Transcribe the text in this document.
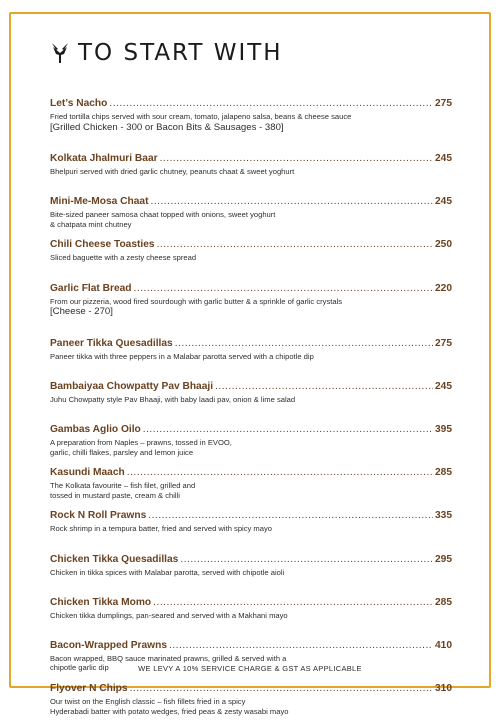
TO START WITH
Let’s Nacho .....	275
Fried tortilla chips served with sour cream, tomato, jalapeno salsa, beans & cheese sauce
[Grilled Chicken - 300 or Bacon Bits & Sausages - 380]
Kolkata Jhalmuri Baar .....	245
Bhelpuri served with dried garlic chutney, peanuts chaat & sweet yoghurt
Mini-Me-Mosa Chaat .....	245
Bite-sized paneer samosa chaat topped with onions, sweet yoghurt
& chatpata mint chutney
Chili Cheese Toasties .....	250
Sliced baguette with a zesty cheese spread
Garlic Flat Bread .....	220
From our pizzeria, wood fired sourdough with garlic butter & a sprinkle of garlic crystals
[Cheese - 270]
Paneer Tikka Quesadillas .....	275
Paneer tikka with three peppers in a Malabar parotta served with a chipotle dip
Bambaiyaa Chowpatty Pav Bhaaji .....	245
Juhu Chowpatty style Pav Bhaaji, with baby laadi pav, onion & lime salad
Gambas Aglio Oilo .....	395
A preparation from Naples – prawns, tossed in EVOO,
garlic, chilli flakes, parsley and lemon juice
Kasundi Maach .....	285
The Kolkata favourite – fish filet, grilled and
tossed in mustard paste, cream & chilli
Rock N Roll Prawns .....	335
Rock shrimp in a tempura batter, fried and served with spicy mayo
Chicken Tikka Quesadillas .....	295
Chicken in tikka spices with Malabar parotta, served with chipotle aioli
Chicken Tikka Momo .....	285
Chicken tikka dumplings, pan-seared and served with a Makhani mayo
Bacon-Wrapped Prawns .....	410
Bacon wrapped, BBQ sauce marinated prawns, grilled & served with a
chipotle garlic dip
Flyover N Chips .....	310
Our twist on the English classic – fish fillets fried in a spicy
Hyderabadi batter with potato wedges, fried peas & zesty wasabi mayo
WE LEVY A 10% SERVICE CHARGE & GST AS APPLICABLE
